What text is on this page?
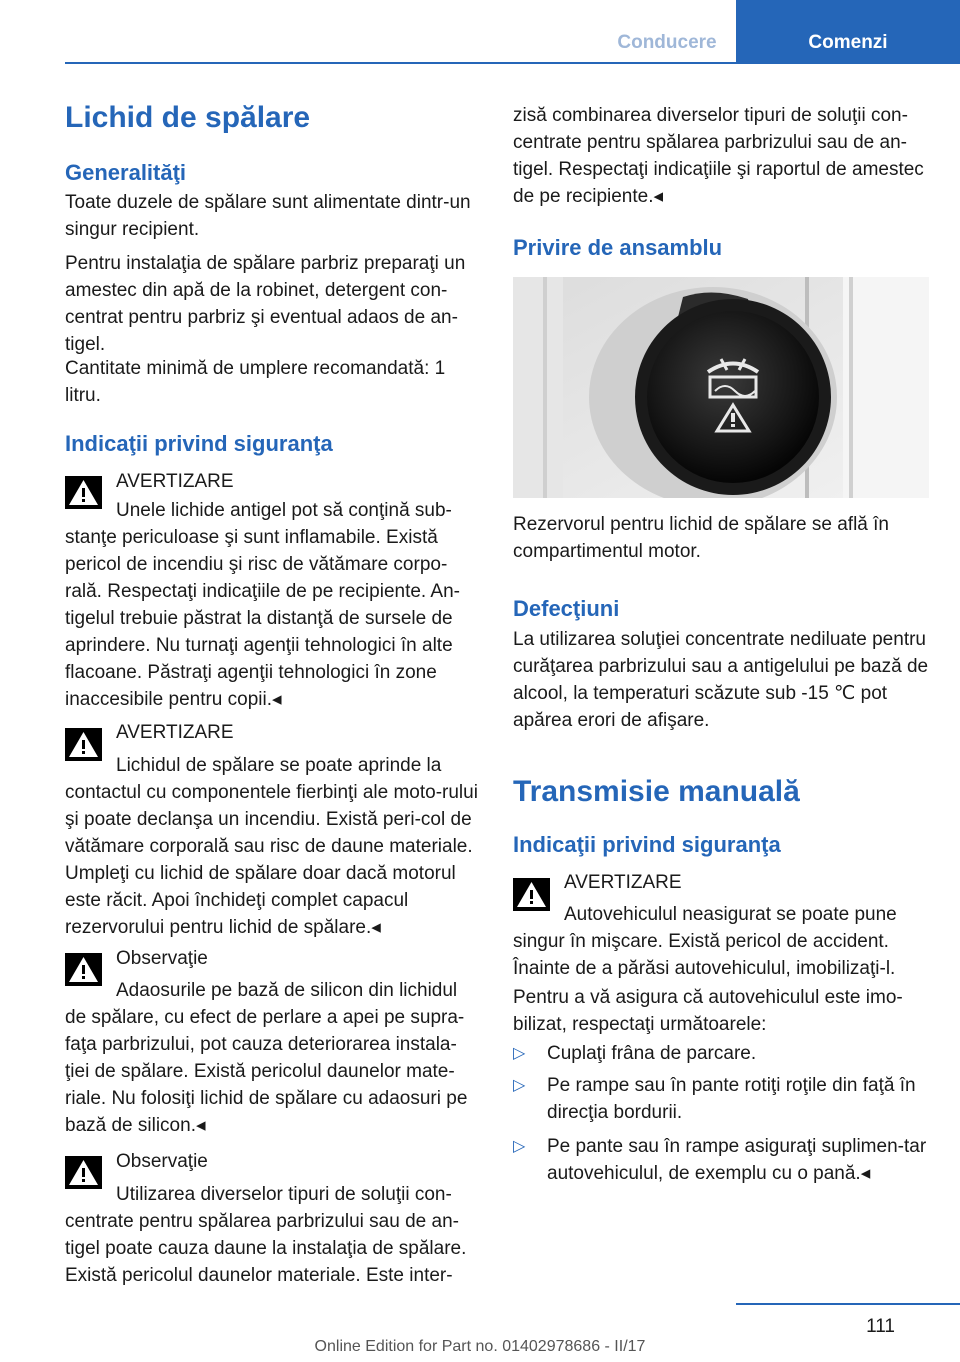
Conducere	Comenzi
Lichid de spălare
Generalităţi

Toate duzele de spălare sunt alimentate dintr-un singur recipient.

Pentru instalaţia de spălare parbriz preparaţi un amestec din apă de la robinet, detergent con-centrat pentru parbriz şi eventual adaos de an-tigel.

Cantitate minimă de umplere recomandată: 1 litru.

Indicaţii privind siguranţa
AVERTIZARE

Unele lichide antigel pot să conţină sub-stanţe periculoase şi sunt inflamabile. Există pericol de incendiu şi risc de vătămare corpo-rală. Respectaţi indicaţiile de pe recipiente. An-tigelul trebuie păstrat la distanţă de sursele de aprindere. Nu turnaţi agenţii tehnologici în alte flacoane. Păstraţi agenţii tehnologici în zone inaccesibile pentru copii.◂

AVERTIZARE

Lichidul de spălare se poate aprinde la contactul cu componentele fierbinţi ale moto-rului şi poate declanşa un incendiu. Există peri-col de vătămare corporală sau risc de daune materiale. Umpleţi cu lichid de spălare doar dacă motorul este răcit. Apoi închideţi complet capacul rezervorului pentru lichid de spălare.◂

Observaţie

Adaosurile pe bază de silicon din lichidul de spălare, cu efect de perlare a apei pe supra-faţa parbrizului, pot cauza deteriorarea instala-ţiei de spălare. Există pericolul daunelor mate-riale. Nu folosiţi lichid de spălare cu adaosuri pe bază de silicon.◂

Observaţie

Utilizarea diverselor tipuri de soluţii con-centrate pentru spălarea parbrizului sau de an-tigel poate cauza daune la instalaţia de spălare. Există pericolul daunelor materiale. Este inter-

zisă combinarea diverselor tipuri de soluţii con-centrate pentru spălarea parbrizului sau de an-tigel. Respectaţi indicaţiile şi raportul de amestec de pe recipiente.◂

Privire de ansamblu

Rezervorul pentru lichid de spălare se află în compartimentul motor.

Defecţiuni

La utilizarea soluţiei concentrate nediluate pentru curăţarea parbrizului sau a antigelului pe bază de alcool, la temperaturi scăzute sub -15 ℃ pot apărea erori de afişare.

Transmisie manuală
Indicaţii privind siguranţa
AVERTIZARE

Autovehiculul neasigurat se poate pune singur în mişcare. Există pericol de accident. Înainte de a părăsi autovehiculul, imobilizaţi-l.

Pentru a vă asigura că autovehiculul este imo-bilizat, respectaţi următoarele:

▷ Cuplaţi frâna de parcare.
▷ Pe rampe sau în pante rotiţi roţile din faţă în direcţia bordurii.
▷ Pe pante sau în rampe asiguraţi suplimen-tar autovehiculul, de exemplu cu o pană.◂
111
Online Edition for Part no. 01402978686 - II/17
